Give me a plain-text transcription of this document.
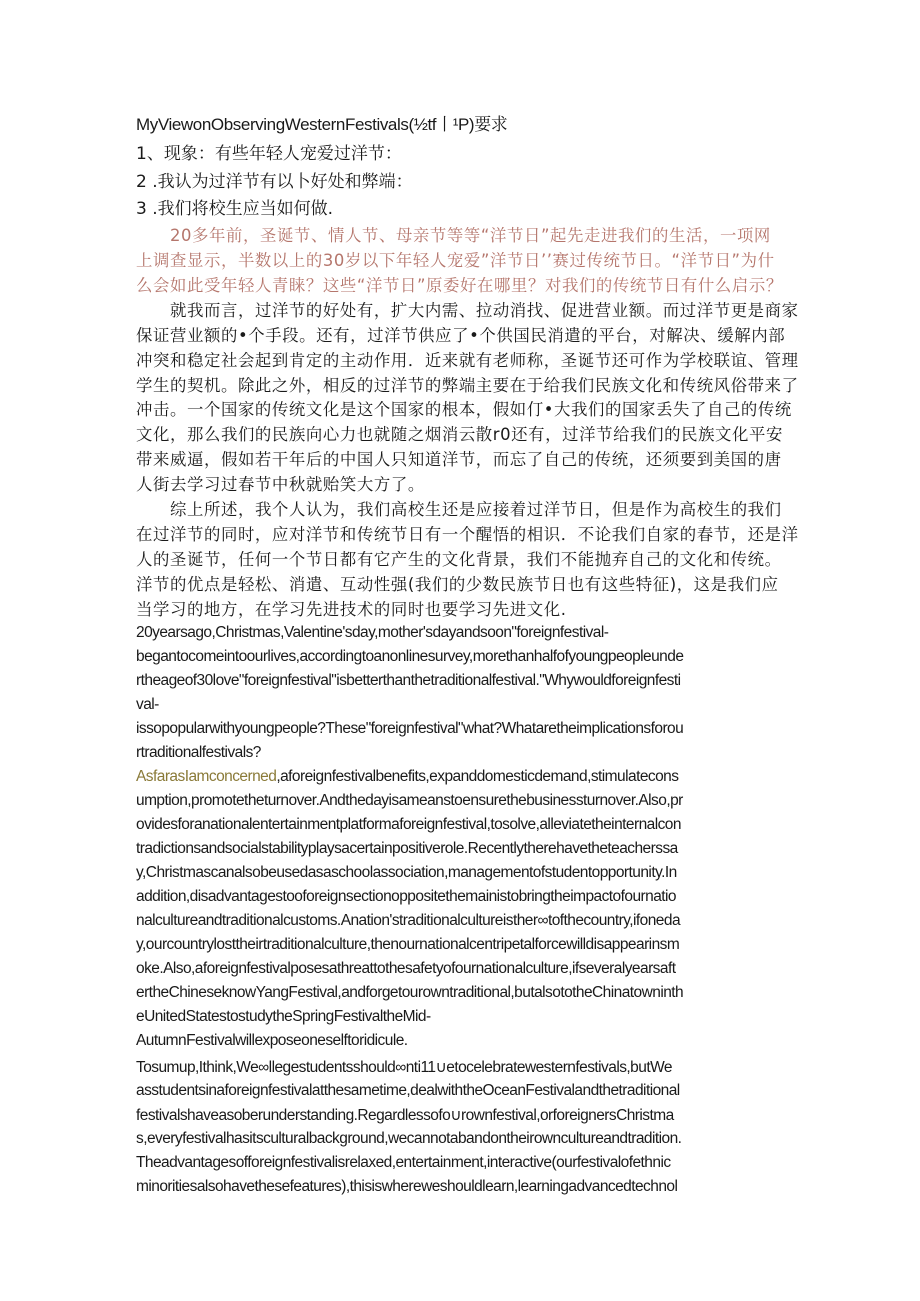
MyViewonObservingWesternFestivals(½tf丨¹P)要求
1、现象：有些年轻人宠爱过洋节：
2 .我认为过洋节有以卜好处和弊端：
3 .我们将校生应当如何做.
20多年前，圣诞节、情人节、母亲节等等“洋节日”起先走进我们的生活，一项网
上调查显示，半数以上的30岁以下年轻人宠爱”洋节日’’赛过传统节日。“洋节日”为什
么会如此受年轻人青睐？这些“洋节日”原委好在哪里？对我们的传统节日有什么启示？
就我而言，过洋节的好处有，扩大内需、拉动消找、促进营业额。而过洋节更是商家
保证营业额的•个手段。还有，过洋节供应了•个供国民消遣的平台，对解决、缓解内部
冲突和稳定社会起到肯定的主动作用．近来就有老师称，圣诞节还可作为学校联谊、管理
学生的契机。除此之外，相反的过洋节的弊端主要在于给我们民族文化和传统风俗带来了
冲击。一个国家的传统文化是这个国家的根本，假如仃•大我们的国家丢失了自己的传统
文化，那么我们的民族向心力也就随之烟消云散r0还有，过洋节给我们的民族文化平安
带来威逼，假如若干年后的中国人只知道洋节，而忘了自己的传统，还须要到美国的唐
人街去学习过春节中秋就贻笑大方了。
综上所述，我个人认为，我们高校生还是应接着过洋节日，但是作为高校生的我们
在过洋节的同时，应对洋节和传统节日有一个醒悟的相识．不论我们自家的春节，还是洋
人的圣诞节，任何一个节日都有它产生的文化背景，我们不能抛弃自己的文化和传统。
洋节的优点是轻松、消遣、互动性强(我们的少数民族节日也有这些特征)，这是我们应
当学习的地方，在学习先进技术的同时也要学习先进文化.
20yearsago,Christmas,Valentine'sday,mother'sdayandsoon"foreignfestival-
begantocomeintoourlives,accordingtoanonlinesurvey,morethanhalfofyoungpeopleunde
rtheageof30love"foreignfestival"isbetterthanthetraditionalfestival."Whywouldforeignfesti
val-
issopopularwithyoungpeople?These"foreignfestival"what?Whataretheimplicationsforou
rtraditionalfestivals?
AsfarasIamconcerned,aforeignfestivalbenefits,expanddomesticdemand,stimulatecons
umption,promotetheturnover.Andthedayisameanstoensurethebusinessturnover.Also,pr
ovidesforanationalentertainmentplatformaforeignfestival,tosolve,alleviatetheinternalcon
tradictionsandsocialstabilityplaysacertainpositiverole.Recentlytherehavetheteacherssa
y,Christmascanalsobeusedasaschoolassociation,managementofstudentopportunity.In
addition,disadvantagestooforeignsectionoppositethemainistobringtheimpactofournatio
nalcultureandtraditionalcustoms.Anation'straditionalcultureisther∞tofthecountry,ifoneda
y,ourcountrylosttheirtraditionalculture,thenournationalcentripetalforcewilldisappearinsm
oke.Also,aforeignfestivalposesathreattothesafetyofournationalculture,ifseveralyearsaft
ertheChineseknowYangFestival,andforgetourowntraditional,butalsototheChinatowninth
eUnitedStatestostudytheSpringFestivaltheMid-
AutumnFestivalwillexposeoneselftoridicule.
Tosumup,Ithink,We∞llegestudentsshould∞nti11∪etocelebratewesternfestivals,butWe
asstudentsinaforeignfestivalatthesametime,dealwiththeOceanFestivalandthetraditional
festivalshaveasoberunderstanding.Regardlessofo∪rownfestival,orforeignersChristma
s,everyfestivalhasitsculturalbackground,wecannotabandontheirowncultureandtradition.
Theadvantagesofforeignfestivalisrelaxed,entertainment,interactive(ourfestivalofethnic
minoritiesalsohavethesefeatures),thisiswhereweshouldlearn,learningadvancedtechnol
